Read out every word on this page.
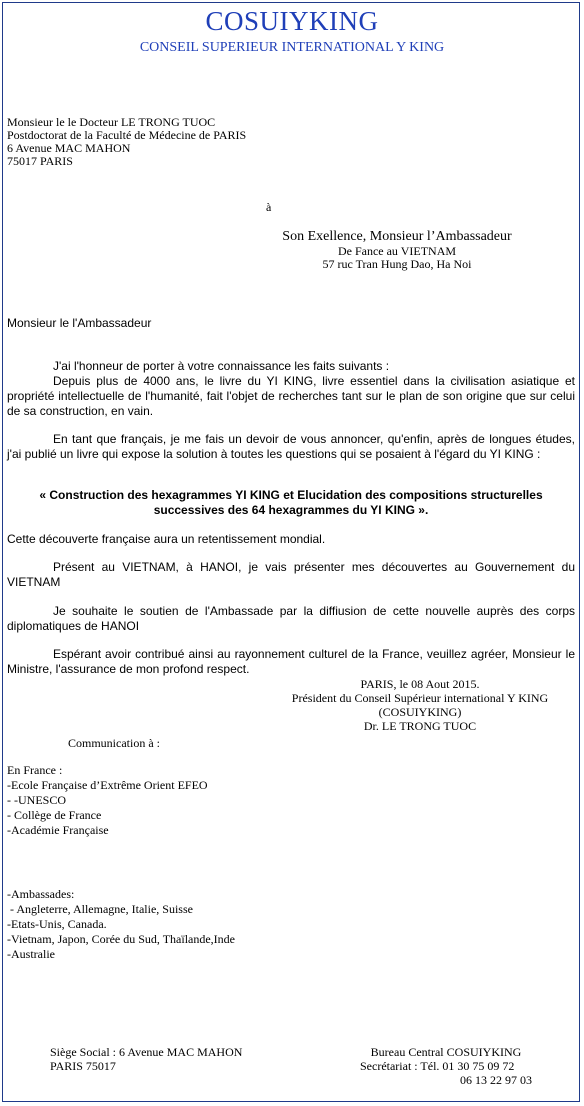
COSUIYKING
CONSEIL SUPERIEUR INTERNATIONAL Y KING
Monsieur le le Docteur LE TRONG TUOC
Postdoctorat de la Faculté de Médecine de PARIS
6 Avenue MAC MAHON
75017 PARIS
à
Son Exellence, Monsieur l’Ambassadeur
De Fance au VIETNAM
57 ruc Tran Hung Dao, Ha Noi
Monsieur le l'Ambassadeur
J'ai l'honneur de porter à votre connaissance les faits suivants :
Depuis plus de 4000 ans, le livre du YI KING, livre essentiel dans la civilisation asiatique et propriété intellectuelle de l'humanité, fait l'objet de recherches tant sur le plan de son origine que sur celui de sa construction, en vain.
En tant que français, je me fais un devoir de vous annoncer, qu'enfin, après de longues études, j'ai publié un livre qui expose la solution à toutes les questions qui se posaient à l'égard du YI KING :
« Construction des hexagrammes YI KING et Elucidation des compositions structurelles successives des 64 hexagrammes du YI KING ».
Cette découverte française aura un retentissement mondial.
Présent au VIETNAM, à HANOI, je vais présenter mes découvertes au Gouvernement du VIETNAM
Je souhaite le soutien de l'Ambassade par la diffiusion de cette nouvelle auprès des corps diplomatiques de HANOI
Espérant avoir contribué ainsi au rayonnement culturel de la France, veuillez agréer, Monsieur le Ministre, l'assurance de mon profond respect.
PARIS, le 08 Aout 2015.
Président du Conseil Supérieur international Y KING
(COSUIYKING)
Dr. LE TRONG TUOC
Communication à :
En France :
-Ecole Française d’Extrême Orient EFEO
- -UNESCO
- Collège de France
-Académie Française
-Ambassades:
- Angleterre, Allemagne, Italie, Suisse
-Etats-Unis, Canada.
-Vietnam, Japon, Corée du Sud, Thaïlande,Inde
-Australie
Siège Social : 6 Avenue MAC MAHON
PARIS 75017
Bureau Central COSUIYKING
Secrétariat : Tél. 01 30 75 09 72
06 13 22 97 03
